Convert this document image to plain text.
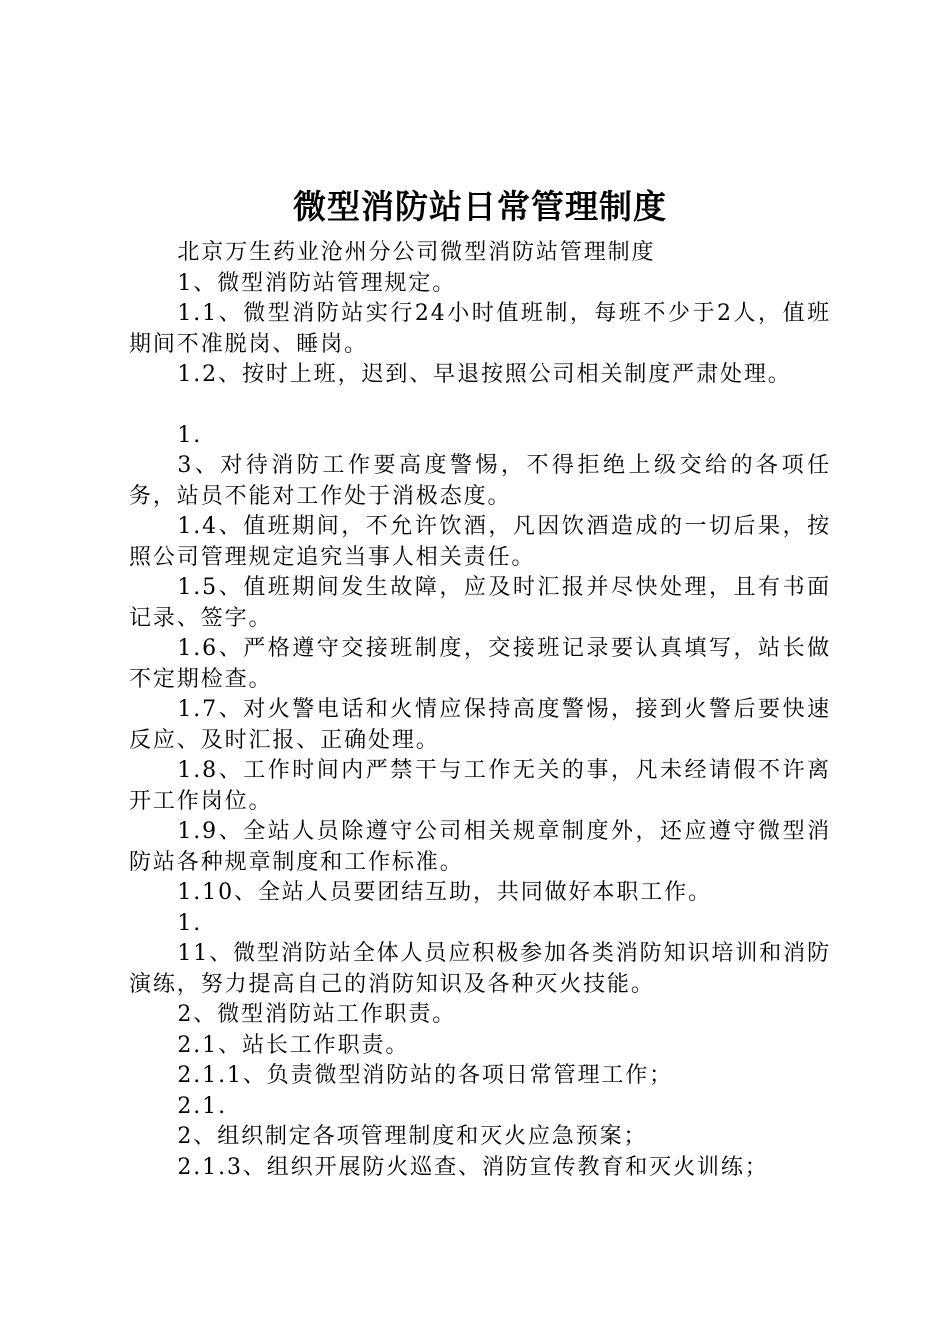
微型消防站日常管理制度

北京万生药业沧州分公司微型消防站管理制度

1、微型消防站管理规定。

1.1、微型消防站实行24小时值班制，每班不少于2人，值班期间不准脱岗、睡岗。

1.2、按时上班，迟到、早退按照公司相关制度严肃处理。

1.

3、对待消防工作要高度警惕，不得拒绝上级交给的各项任务，站员不能对工作处于消极态度。

1.4、值班期间，不允许饮酒，凡因饮酒造成的一切后果，按照公司管理规定追究当事人相关责任。

1.5、值班期间发生故障，应及时汇报并尽快处理，且有书面记录、签字。

1.6、严格遵守交接班制度，交接班记录要认真填写，站长做不定期检查。

1.7、对火警电话和火情应保持高度警惕，接到火警后要快速反应、及时汇报、正确处理。

1.8、工作时间内严禁干与工作无关的事，凡未经请假不许离开工作岗位。

1.9、全站人员除遵守公司相关规章制度外，还应遵守微型消防站各种规章制度和工作标准。

1.10、全站人员要团结互助，共同做好本职工作。

1.

11、微型消防站全体人员应积极参加各类消防知识培训和消防演练，努力提高自己的消防知识及各种灭火技能。

2、微型消防站工作职责。

2.1、站长工作职责。

2.1.1、负责微型消防站的各项日常管理工作；

2.1.

2、组织制定各项管理制度和灭火应急预案；

2.1.3、组织开展防火巡查、消防宣传教育和灭火训练；
